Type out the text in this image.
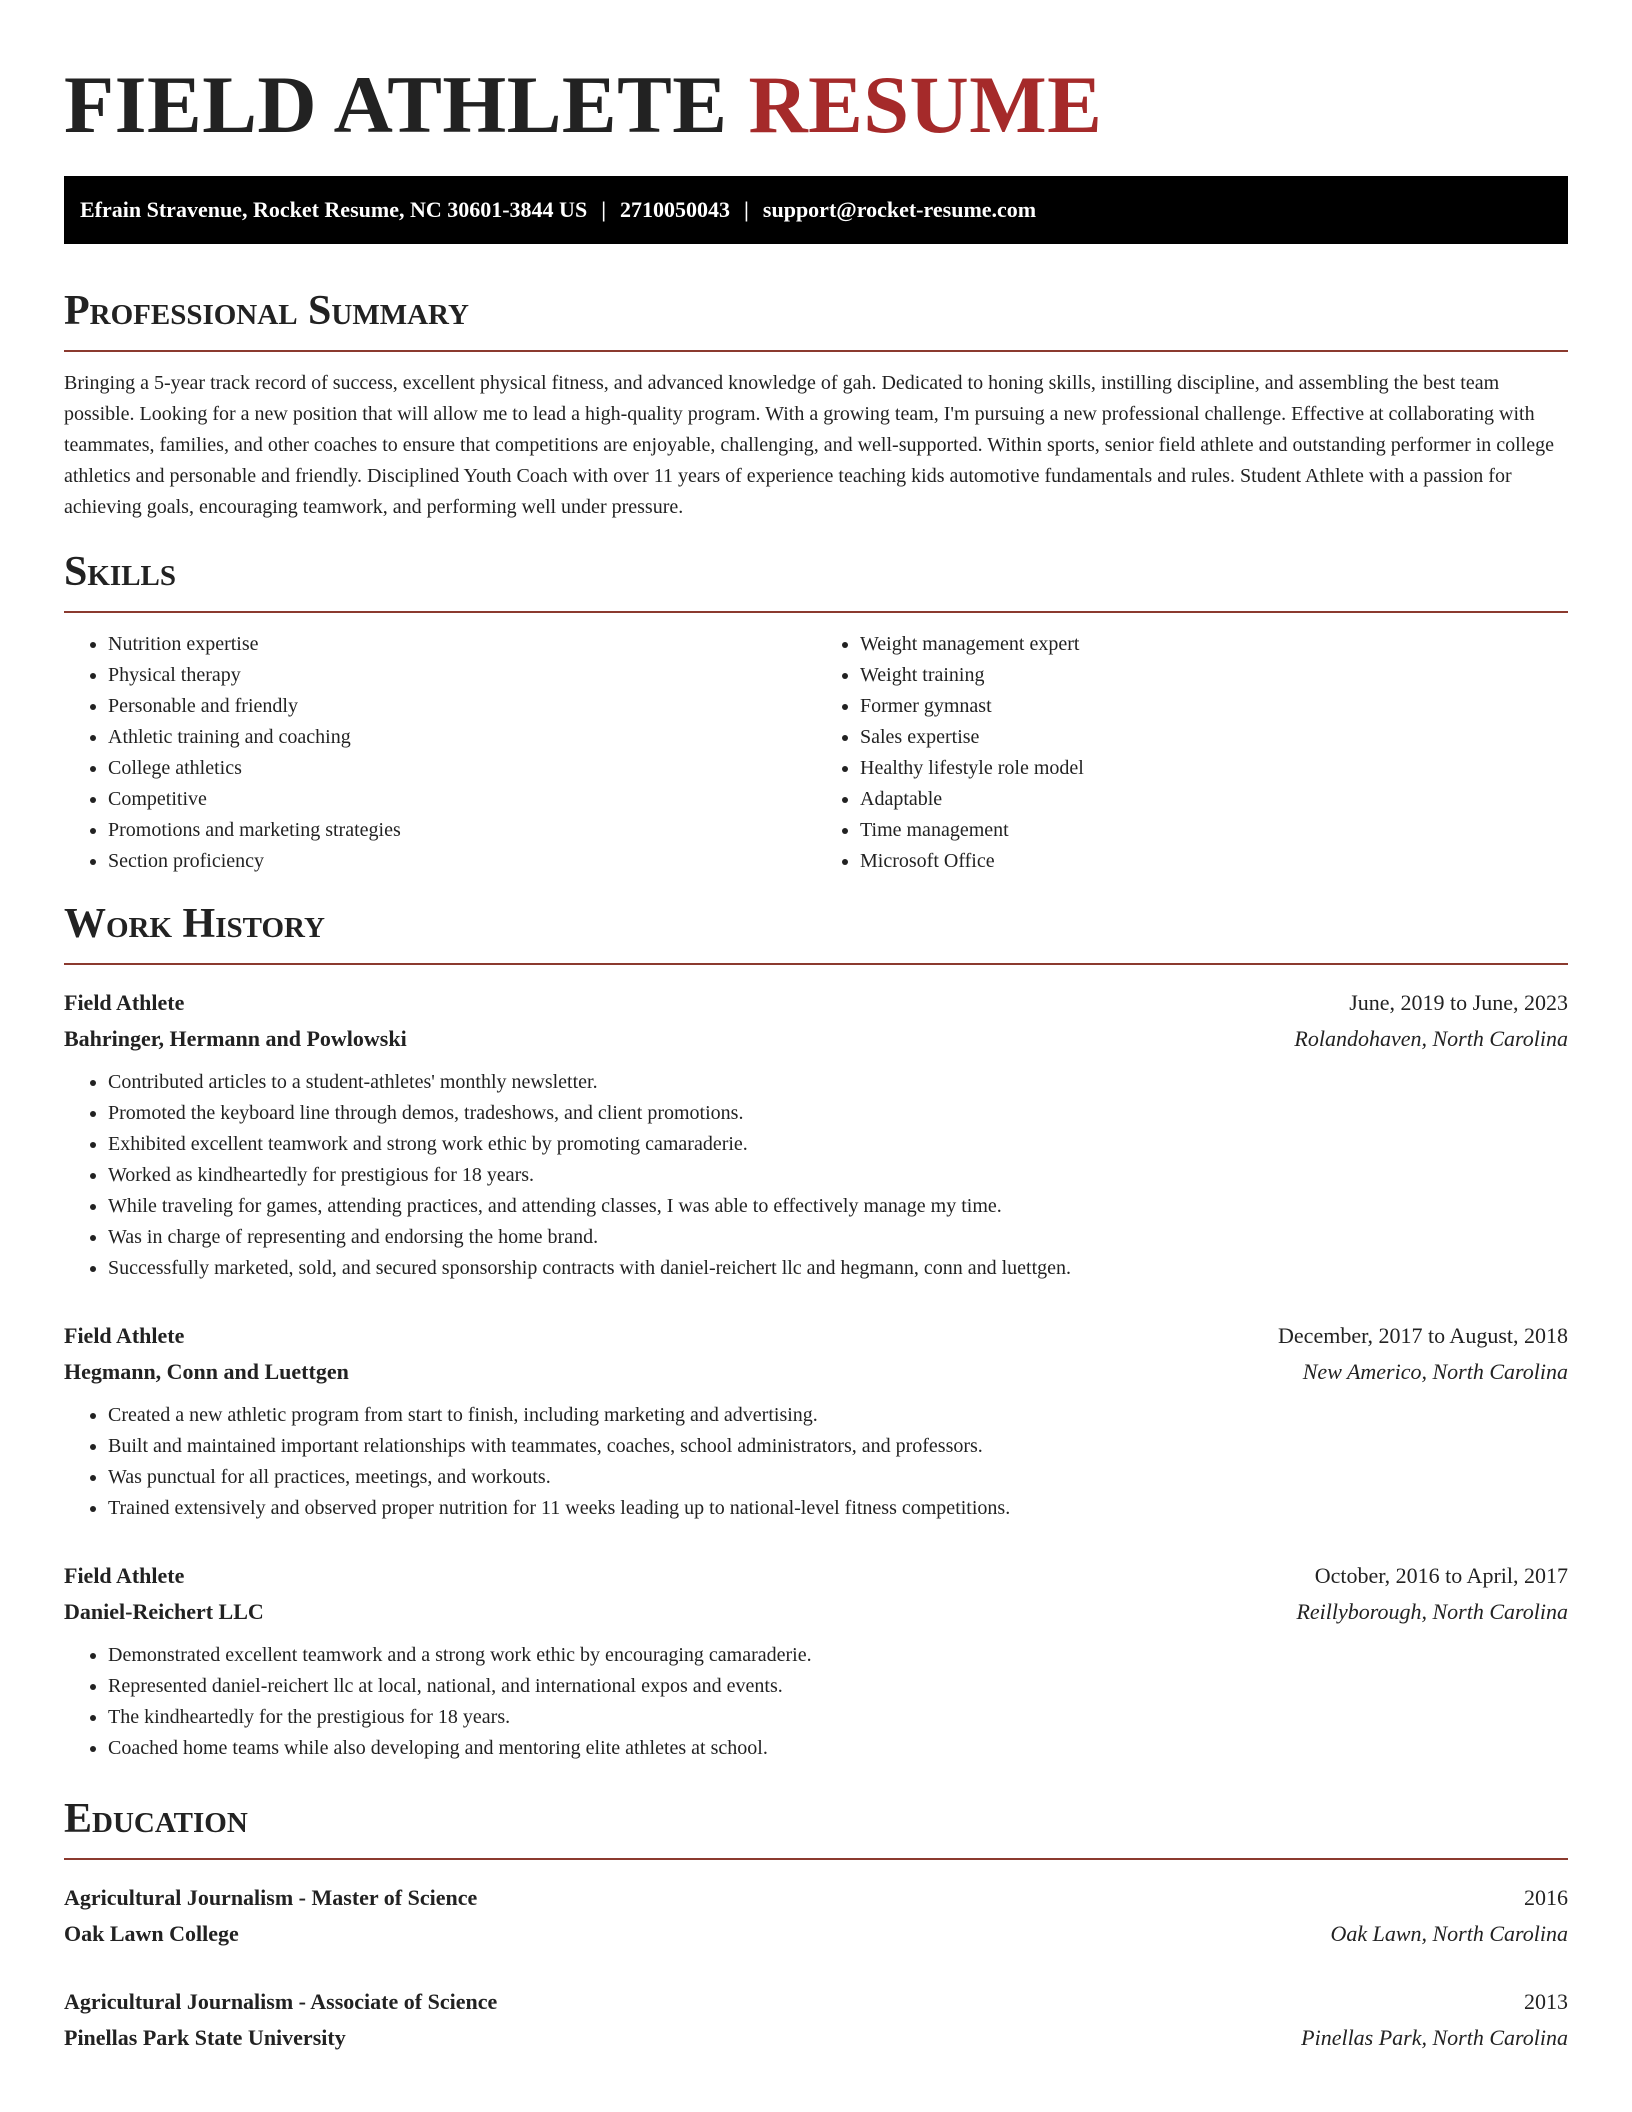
FIELD ATHLETE RESUME
Efrain Stravenue, Rocket Resume, NC 30601-3844 US | 2710050043 | support@rocket-resume.com
Professional Summary

Bringing a 5-year track record of success, excellent physical fitness, and advanced knowledge of gah. Dedicated to honing skills, instilling discipline, and assembling the best team possible. Looking for a new position that will allow me to lead a high-quality program. With a growing team, I'm pursuing a new professional challenge. Effective at collaborating with teammates, families, and other coaches to ensure that competitions are enjoyable, challenging, and well-supported. Within sports, senior field athlete and outstanding performer in college athletics and personable and friendly. Disciplined Youth Coach with over 11 years of experience teaching kids automotive fundamentals and rules. Student Athlete with a passion for achieving goals, encouraging teamwork, and performing well under pressure.

Skills
• Nutrition expertise
• Physical therapy
• Personable and friendly
• Athletic training and coaching
• College athletics
• Competitive
• Promotions and marketing strategies
• Section proficiency
• Weight management expert
• Weight training
• Former gymnast
• Sales expertise
• Healthy lifestyle role model
• Adaptable
• Time management
• Microsoft Office
Work History
Field Athlete	June, 2019 to June, 2023
Bahringer, Hermann and Powlowski	Rolandohaven, North Carolina
• Contributed articles to a student-athletes' monthly newsletter.
• Promoted the keyboard line through demos, tradeshows, and client promotions.
• Exhibited excellent teamwork and strong work ethic by promoting camaraderie.
• Worked as kindheartedly for prestigious for 18 years.
• While traveling for games, attending practices, and attending classes, I was able to effectively manage my time.
• Was in charge of representing and endorsing the home brand.
• Successfully marketed, sold, and secured sponsorship contracts with daniel-reichert llc and hegmann, conn and luettgen.
Field Athlete	December, 2017 to August, 2018
Hegmann, Conn and Luettgen	New Americo, North Carolina
• Created a new athletic program from start to finish, including marketing and advertising.
• Built and maintained important relationships with teammates, coaches, school administrators, and professors.
• Was punctual for all practices, meetings, and workouts.
• Trained extensively and observed proper nutrition for 11 weeks leading up to national-level fitness competitions.
Field Athlete	October, 2016 to April, 2017
Daniel-Reichert LLC	Reillyborough, North Carolina
• Demonstrated excellent teamwork and a strong work ethic by encouraging camaraderie.
• Represented daniel-reichert llc at local, national, and international expos and events.
• The kindheartedly for the prestigious for 18 years.
• Coached home teams while also developing and mentoring elite athletes at school.
Education
Agricultural Journalism - Master of Science	2016
Oak Lawn College	Oak Lawn, North Carolina
Agricultural Journalism - Associate of Science	2013
Pinellas Park State University	Pinellas Park, North Carolina
